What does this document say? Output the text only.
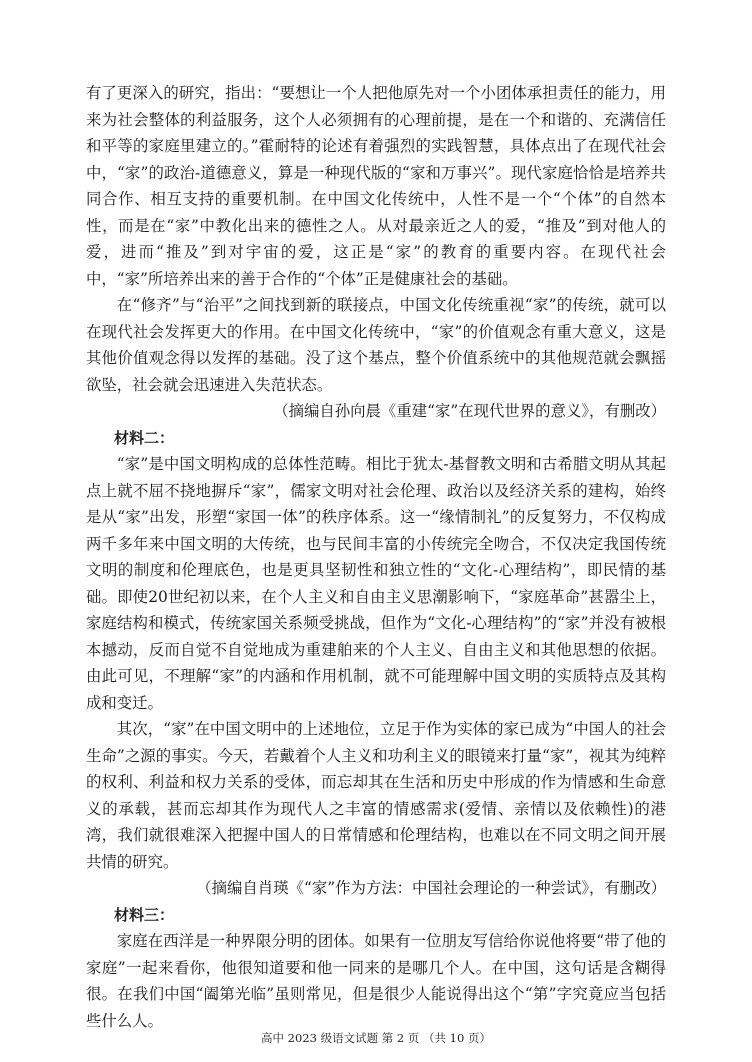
有了更深入的研究，指出：“要想让一个人把他原先对一个小团体承担责任的能力，用来为社会整体的利益服务，这个人必须拥有的心理前提，是在一个和谐的、充满信任和平等的家庭里建立的。”霍耐特的论述有着强烈的实践智慧，具体点出了在现代社会中，“家”的政治-道德意义，算是一种现代版的“家和万事兴”。现代家庭恰恰是培养共同合作、相互支持的重要机制。在中国文化传统中，人性不是一个“个体”的自然本性，而是在“家”中教化出来的德性之人。从对最亲近之人的爱，“推及”到对他人的爱，进而“推及”到对宇宙的爱，这正是“家”的教育的重要内容。在现代社会中，“家”所培养出来的善于合作的“个体”正是健康社会的基础。

在“修齐”与“治平”之间找到新的联接点，中国文化传统重视“家”的传统，就可以在现代社会发挥更大的作用。在中国文化传统中，“家”的价值观念有重大意义，这是其他价值观念得以发挥的基础。没了这个基点，整个价值系统中的其他规范就会飘摇欲坠，社会就会迅速进入失范状态。

（摘编自孙向晨《重建“家”在现代世界的意义》，有删改）

材料二：

“家”是中国文明构成的总体性范畴。相比于犹太-基督教文明和古希腊文明从其起点上就不屈不挠地摒斥“家”，儒家文明对社会伦理、政治以及经济关系的建构，始终是从“家”出发，形塑“家国一体”的秩序体系。这一“缘情制礼”的反复努力，不仅构成两千多年来中国文明的大传统，也与民间丰富的小传统完全吻合，不仅决定我国传统文明的制度和伦理底色，也是更具坚韧性和独立性的“文化-心理结构”，即民情的基础。即使20世纪初以来，在个人主义和自由主义思潮影响下，“家庭革命”甚嚣尘上，家庭结构和模式，传统家国关系频受挑战，但作为“文化-心理结构”的“家”并没有被根本撼动，反而自觉不自觉地成为重建舶来的个人主义、自由主义和其他思想的依据。由此可见，不理解“家”的内涵和作用机制，就不可能理解中国文明的实质特点及其构成和变迁。

其次，“家”在中国文明中的上述地位，立足于作为实体的家已成为“中国人的社会生命”之源的事实。今天，若戴着个人主义和功利主义的眼镜来打量“家”，视其为纯粹的权利、利益和权力关系的受体，而忘却其在生活和历史中形成的作为情感和生命意义的承载，甚而忘却其作为现代人之丰富的情感需求(爱情、亲情以及依赖性)的港湾，我们就很难深入把握中国人的日常情感和伦理结构，也难以在不同文明之间开展共情的研究。

（摘编自肖瑛《“家”作为方法：中国社会理论的一种尝试》，有删改）

材料三：

家庭在西洋是一种界限分明的团体。如果有一位朋友写信给你说他将要“带了他的家庭”一起来看你，他很知道要和他一同来的是哪几个人。在中国，这句话是含糊得很。在我们中国“阖第光临”虽则常见，但是很少人能说得出这个“第”字究竟应当包括些什么人。

高中 2023 级语文试题 第 2 页 （共 10 页）
